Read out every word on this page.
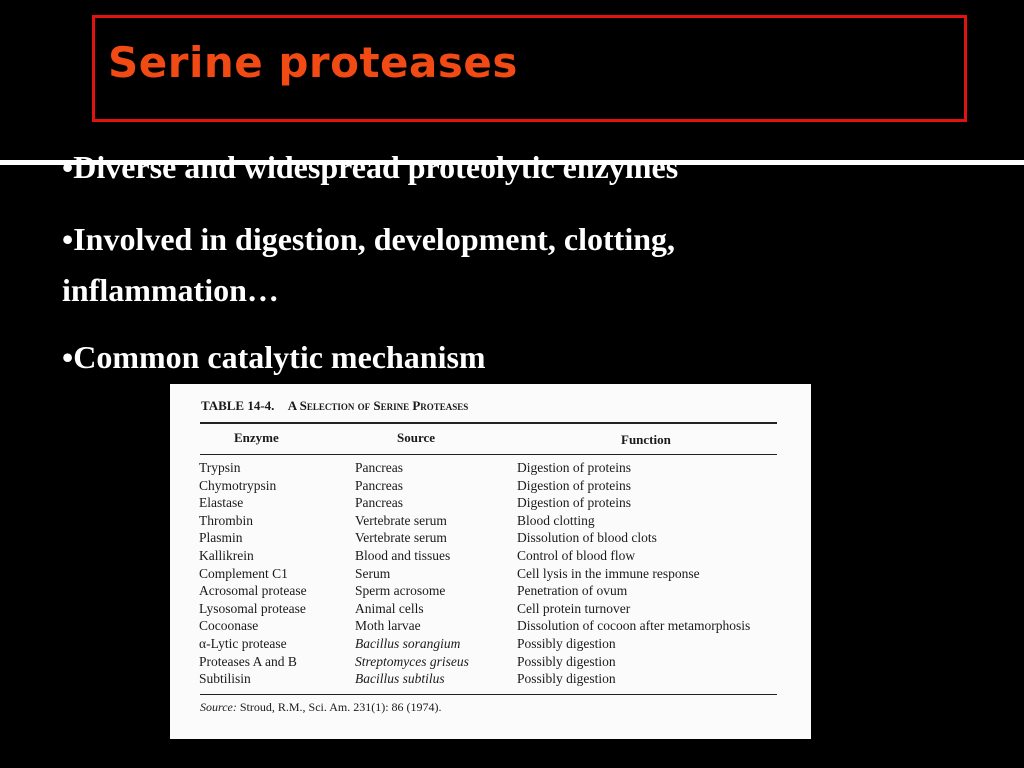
Serine proteases

•Diverse and widespread proteolytic enzymes

•Involved in digestion, development, clotting, inflammation…

•Common catalytic mechanism

TABLE 14-4. A Selection of Serine Proteases
Enzyme	Source	Function
Trypsin	Pancreas	Digestion of proteins
Chymotrypsin	Pancreas	Digestion of proteins
Elastase	Pancreas	Digestion of proteins
Thrombin	Vertebrate serum	Blood clotting
Plasmin	Vertebrate serum	Dissolution of blood clots
Kallikrein	Blood and tissues	Control of blood flow
Complement C1	Serum	Cell lysis in the immune response
Acrosomal protease	Sperm acrosome	Penetration of ovum
Lysosomal protease	Animal cells	Cell protein turnover
Cocoonase	Moth larvae	Dissolution of cocoon after metamorphosis
α-Lytic protease	Bacillus sorangium	Possibly digestion
Proteases A and B	Streptomyces griseus	Possibly digestion
Subtilisin	Bacillus subtilus	Possibly digestion
Source: Stroud, R.M., Sci. Am. 231(1): 86 (1974).
